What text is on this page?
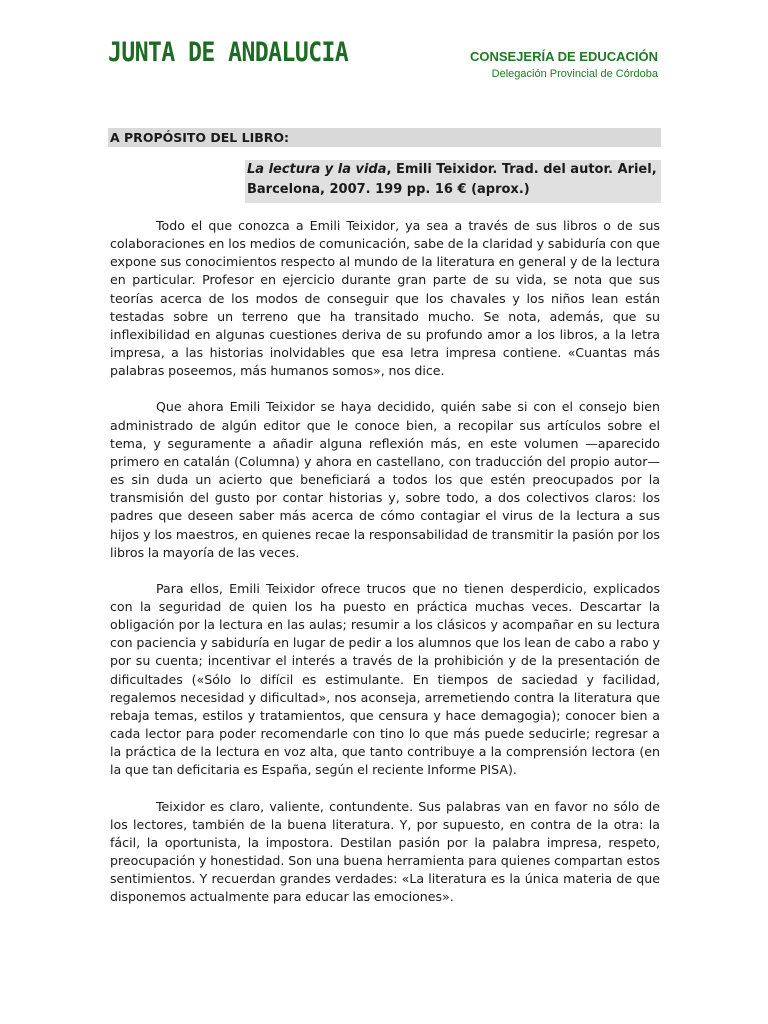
JUNTA DE ANDALUCIA	CONSEJERÍA DE EDUCACIÓN
Delegación Provincial de Córdoba
A PROPÓSITO DEL LIBRO:
La lectura y la vida, Emili Teixidor. Trad. del autor. Ariel, Barcelona, 2007. 199 pp. 16 € (aprox.)

Todo el que conozca a Emili Teixidor, ya sea a través de sus libros o de sus colaboraciones en los medios de comunicación, sabe de la claridad y sabiduría con que expone sus conocimientos respecto al mundo de la literatura en general y de la lectura en particular. Profesor en ejercicio durante gran parte de su vida, se nota que sus teorías acerca de los modos de conseguir que los chavales y los niños lean están testadas sobre un terreno que ha transitado mucho. Se nota, además, que su inflexibilidad en algunas cuestiones deriva de su profundo amor a los libros, a la letra impresa, a las historias inolvidables que esa letra impresa contiene. «Cuantas más palabras poseemos, más humanos somos», nos dice.

Que ahora Emili Teixidor se haya decidido, quién sabe si con el consejo bien administrado de algún editor que le conoce bien, a recopilar sus artículos sobre el tema, y seguramente a añadir alguna reflexión más, en este volumen —aparecido primero en catalán (Columna) y ahora en castellano, con traducción del propio autor— es sin duda un acierto que beneficiará a todos los que estén preocupados por la transmisión del gusto por contar historias y, sobre todo, a dos colectivos claros: los padres que deseen saber más acerca de cómo contagiar el virus de la lectura a sus hijos y los maestros, en quienes recae la responsabilidad de transmitir la pasión por los libros la mayoría de las veces.

Para ellos, Emili Teixidor ofrece trucos que no tienen desperdicio, explicados con la seguridad de quien los ha puesto en práctica muchas veces. Descartar la obligación por la lectura en las aulas; resumir a los clásicos y acompañar en su lectura con paciencia y sabiduría en lugar de pedir a los alumnos que los lean de cabo a rabo y por su cuenta; incentivar el interés a través de la prohibición y de la presentación de dificultades («Sólo lo difícil es estimulante. En tiempos de saciedad y facilidad, regalemos necesidad y dificultad», nos aconseja, arremetiendo contra la literatura que rebaja temas, estilos y tratamientos, que censura y hace demagogia); conocer bien a cada lector para poder recomendarle con tino lo que más puede seducirle; regresar a la práctica de la lectura en voz alta, que tanto contribuye a la comprensión lectora (en la que tan deficitaria es España, según el reciente Informe PISA).

Teixidor es claro, valiente, contundente. Sus palabras van en favor no sólo de los lectores, también de la buena literatura. Y, por supuesto, en contra de la otra: la fácil, la oportunista, la impostora. Destilan pasión por la palabra impresa, respeto, preocupación y honestidad. Son una buena herramienta para quienes compartan estos sentimientos. Y recuerdan grandes verdades: «La literatura es la única materia de que disponemos actualmente para educar las emociones».
